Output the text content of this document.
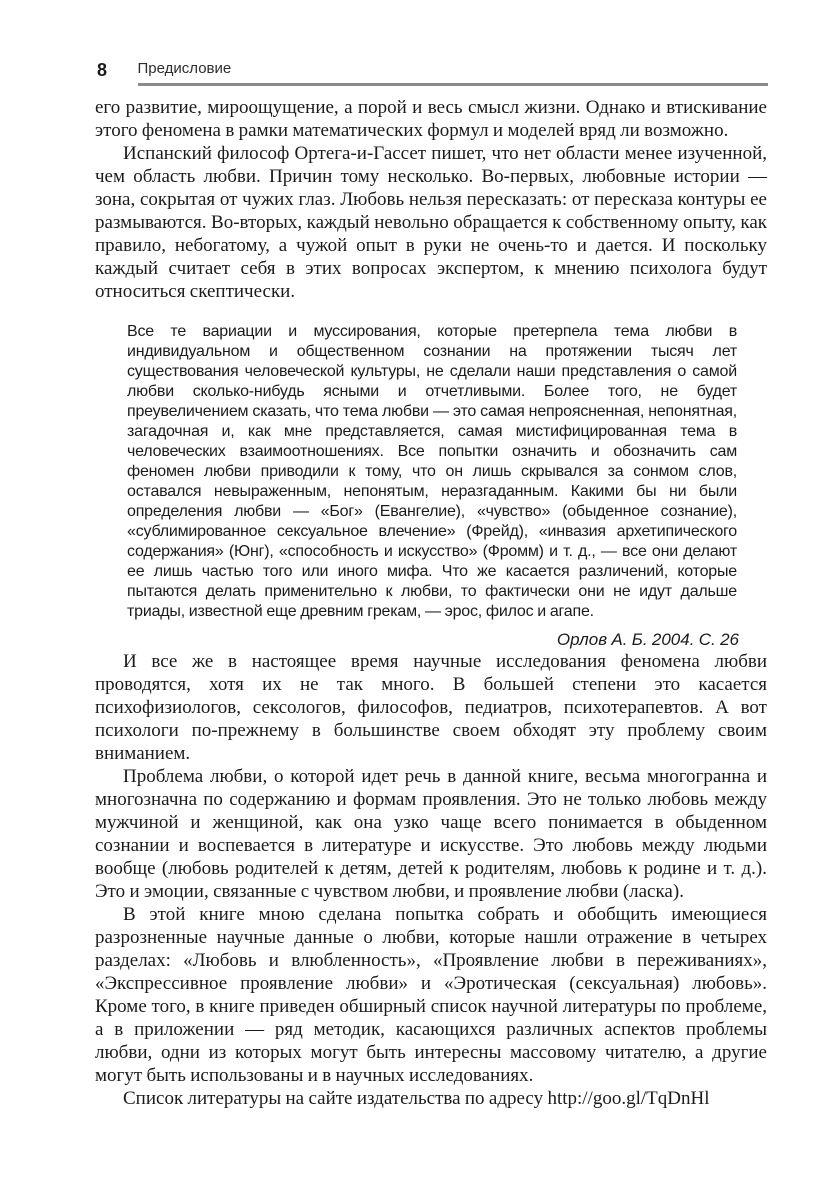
8 Предисловие

его развитие, мироощущение, а порой и весь смысл жизни. Однако и втискивание этого феномена в рамки математических формул и моделей вряд ли возможно.

Испанский философ Ортега-и-Гассет пишет, что нет области менее изученной, чем область любви. Причин тому несколько. Во-первых, любовные истории — зона, сокрытая от чужих глаз. Любовь нельзя пересказать: от пересказа контуры ее размываются. Во-вторых, каждый невольно обращается к собственному опыту, как правило, небогатому, а чужой опыт в руки не очень-то и дается. И поскольку каждый считает себя в этих вопросах экспертом, к мнению психолога будут относиться скептически.

Все те вариации и муссирования, которые претерпела тема любви в индивидуальном и общественном сознании на протяжении тысяч лет существования человеческой культуры, не сделали наши представления о самой любви сколько-нибудь ясными и отчетливыми. Более того, не будет преувеличением сказать, что тема любви — это самая непроясненная, непонятная, загадочная и, как мне представляется, самая мистифицированная тема в человеческих взаимоотношениях. Все попытки означить и обозначить сам феномен любви приводили к тому, что он лишь скрывался за сонмом слов, оставался невыраженным, непонятым, неразгаданным. Какими бы ни были определения любви — «Бог» (Евангелие), «чувство» (обыденное сознание), «сублимированное сексуальное влечение» (Фрейд), «инвазия архетипического содержания» (Юнг), «способность и искусство» (Фромм) и т. д., — все они делают ее лишь частью того или иного мифа. Что же касается различений, которые пытаются делать применительно к любви, то фактически они не идут дальше триады, известной еще древним грекам, — эрос, филос и агапе.
Орлов А. Б. 2004. С. 26

И все же в настоящее время научные исследования феномена любви проводятся, хотя их не так много. В большей степени это касается психофизиологов, сексологов, философов, педиатров, психотерапевтов. А вот психологи по-прежнему в большинстве своем обходят эту проблему своим вниманием.

Проблема любви, о которой идет речь в данной книге, весьма многогранна и многозначна по содержанию и формам проявления. Это не только любовь между мужчиной и женщиной, как она узко чаще всего понимается в обыденном сознании и воспевается в литературе и искусстве. Это любовь между людьми вообще (любовь родителей к детям, детей к родителям, любовь к родине и т. д.). Это и эмоции, связанные с чувством любви, и проявление любви (ласка).

В этой книге мною сделана попытка собрать и обобщить имеющиеся разрозненные научные данные о любви, которые нашли отражение в четырех разделах: «Любовь и влюбленность», «Проявление любви в переживаниях», «Экспрессивное проявление любви» и «Эротическая (сексуальная) любовь». Кроме того, в книге приведен обширный список научной литературы по проблеме, а в приложении — ряд методик, касающихся различных аспектов проблемы любви, одни из которых могут быть интересны массовому читателю, а другие могут быть использованы и в научных исследованиях.

Список литературы на сайте издательства по адресу http://goo.gl/TqDnHl
